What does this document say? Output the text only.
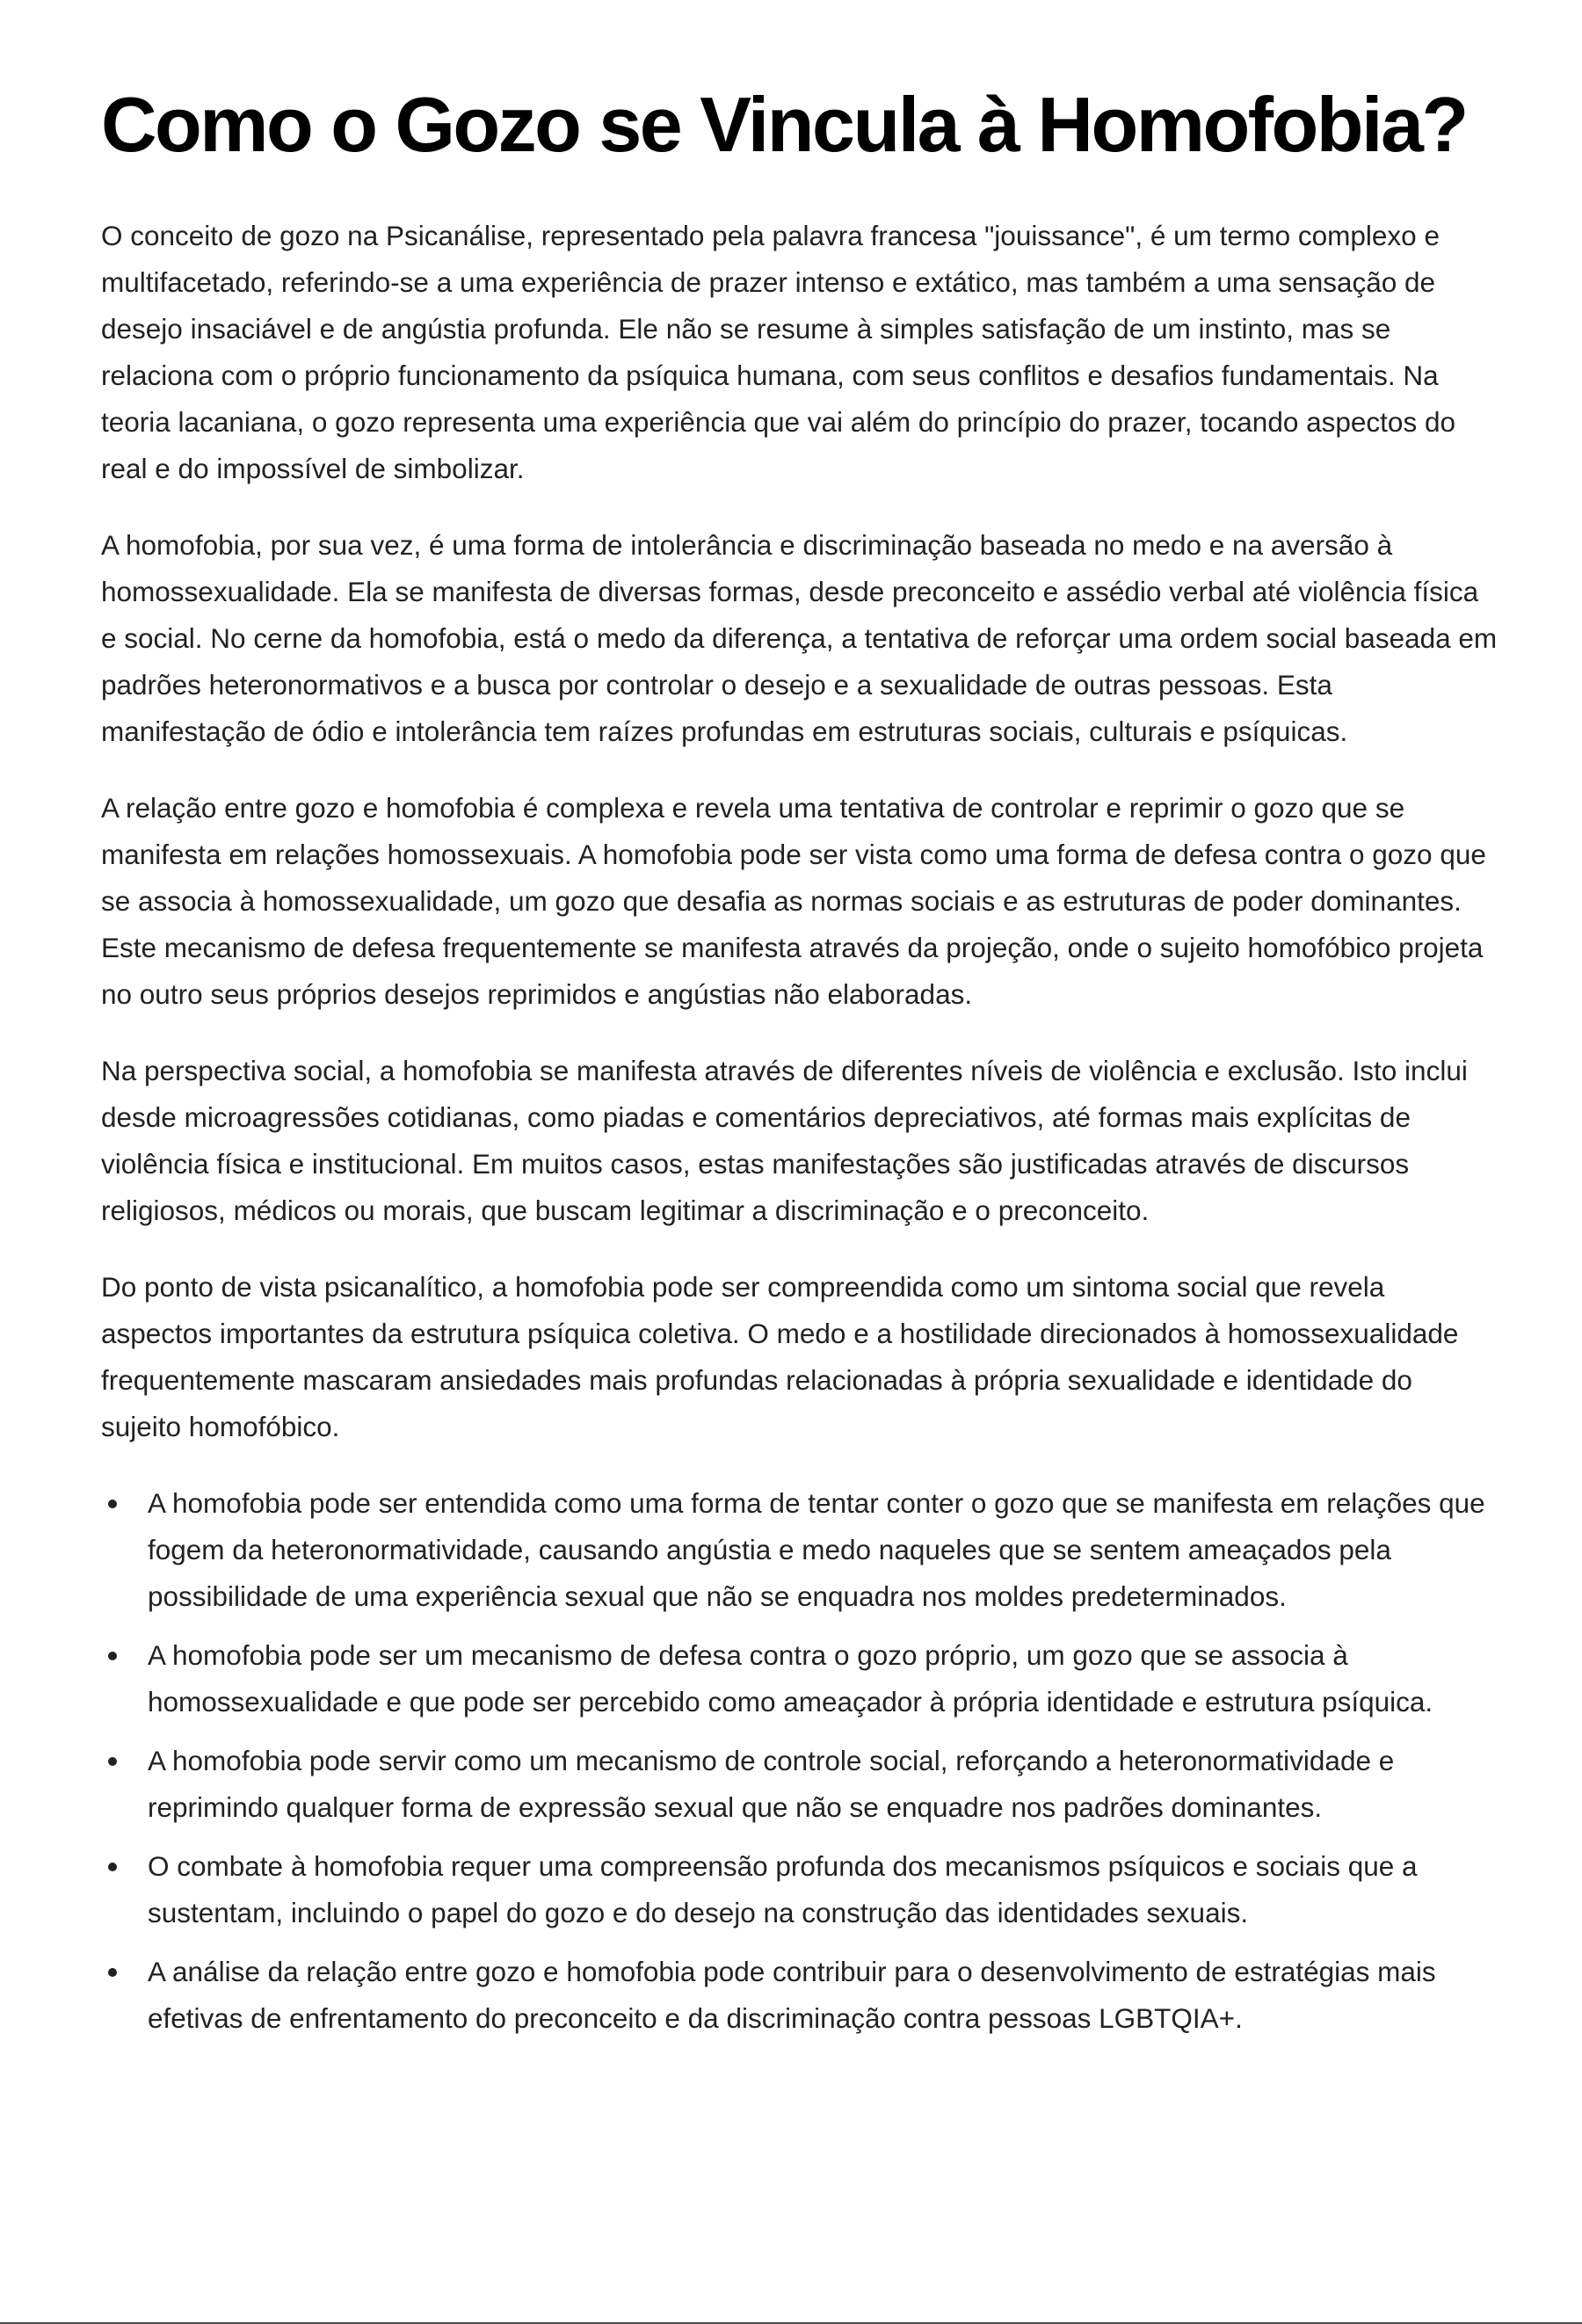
Como o Gozo se Vincula à Homofobia?

O conceito de gozo na Psicanálise, representado pela palavra francesa "jouissance", é um termo complexo e multifacetado, referindo-se a uma experiência de prazer intenso e extático, mas também a uma sensação de desejo insaciável e de angústia profunda. Ele não se resume à simples satisfação de um instinto, mas se relaciona com o próprio funcionamento da psíquica humana, com seus conflitos e desafios fundamentais. Na teoria lacaniana, o gozo representa uma experiência que vai além do princípio do prazer, tocando aspectos do real e do impossível de simbolizar.

A homofobia, por sua vez, é uma forma de intolerância e discriminação baseada no medo e na aversão à homossexualidade. Ela se manifesta de diversas formas, desde preconceito e assédio verbal até violência física e social. No cerne da homofobia, está o medo da diferença, a tentativa de reforçar uma ordem social baseada em padrões heteronormativos e a busca por controlar o desejo e a sexualidade de outras pessoas. Esta manifestação de ódio e intolerância tem raízes profundas em estruturas sociais, culturais e psíquicas.

A relação entre gozo e homofobia é complexa e revela uma tentativa de controlar e reprimir o gozo que se manifesta em relações homossexuais. A homofobia pode ser vista como uma forma de defesa contra o gozo que se associa à homossexualidade, um gozo que desafia as normas sociais e as estruturas de poder dominantes. Este mecanismo de defesa frequentemente se manifesta através da projeção, onde o sujeito homofóbico projeta no outro seus próprios desejos reprimidos e angústias não elaboradas.

Na perspectiva social, a homofobia se manifesta através de diferentes níveis de violência e exclusão. Isto inclui desde microagressões cotidianas, como piadas e comentários depreciativos, até formas mais explícitas de violência física e institucional. Em muitos casos, estas manifestações são justificadas através de discursos religiosos, médicos ou morais, que buscam legitimar a discriminação e o preconceito.

Do ponto de vista psicanalítico, a homofobia pode ser compreendida como um sintoma social que revela aspectos importantes da estrutura psíquica coletiva. O medo e a hostilidade direcionados à homossexualidade frequentemente mascaram ansiedades mais profundas relacionadas à própria sexualidade e identidade do sujeito homofóbico.

A homofobia pode ser entendida como uma forma de tentar conter o gozo que se manifesta em relações que fogem da heteronormatividade, causando angústia e medo naqueles que se sentem ameaçados pela possibilidade de uma experiência sexual que não se enquadra nos moldes predeterminados.
A homofobia pode ser um mecanismo de defesa contra o gozo próprio, um gozo que se associa à homossexualidade e que pode ser percebido como ameaçador à própria identidade e estrutura psíquica.
A homofobia pode servir como um mecanismo de controle social, reforçando a heteronormatividade e reprimindo qualquer forma de expressão sexual que não se enquadre nos padrões dominantes.
O combate à homofobia requer uma compreensão profunda dos mecanismos psíquicos e sociais que a sustentam, incluindo o papel do gozo e do desejo na construção das identidades sexuais.
A análise da relação entre gozo e homofobia pode contribuir para o desenvolvimento de estratégias mais efetivas de enfrentamento do preconceito e da discriminação contra pessoas LGBTQIA+.
